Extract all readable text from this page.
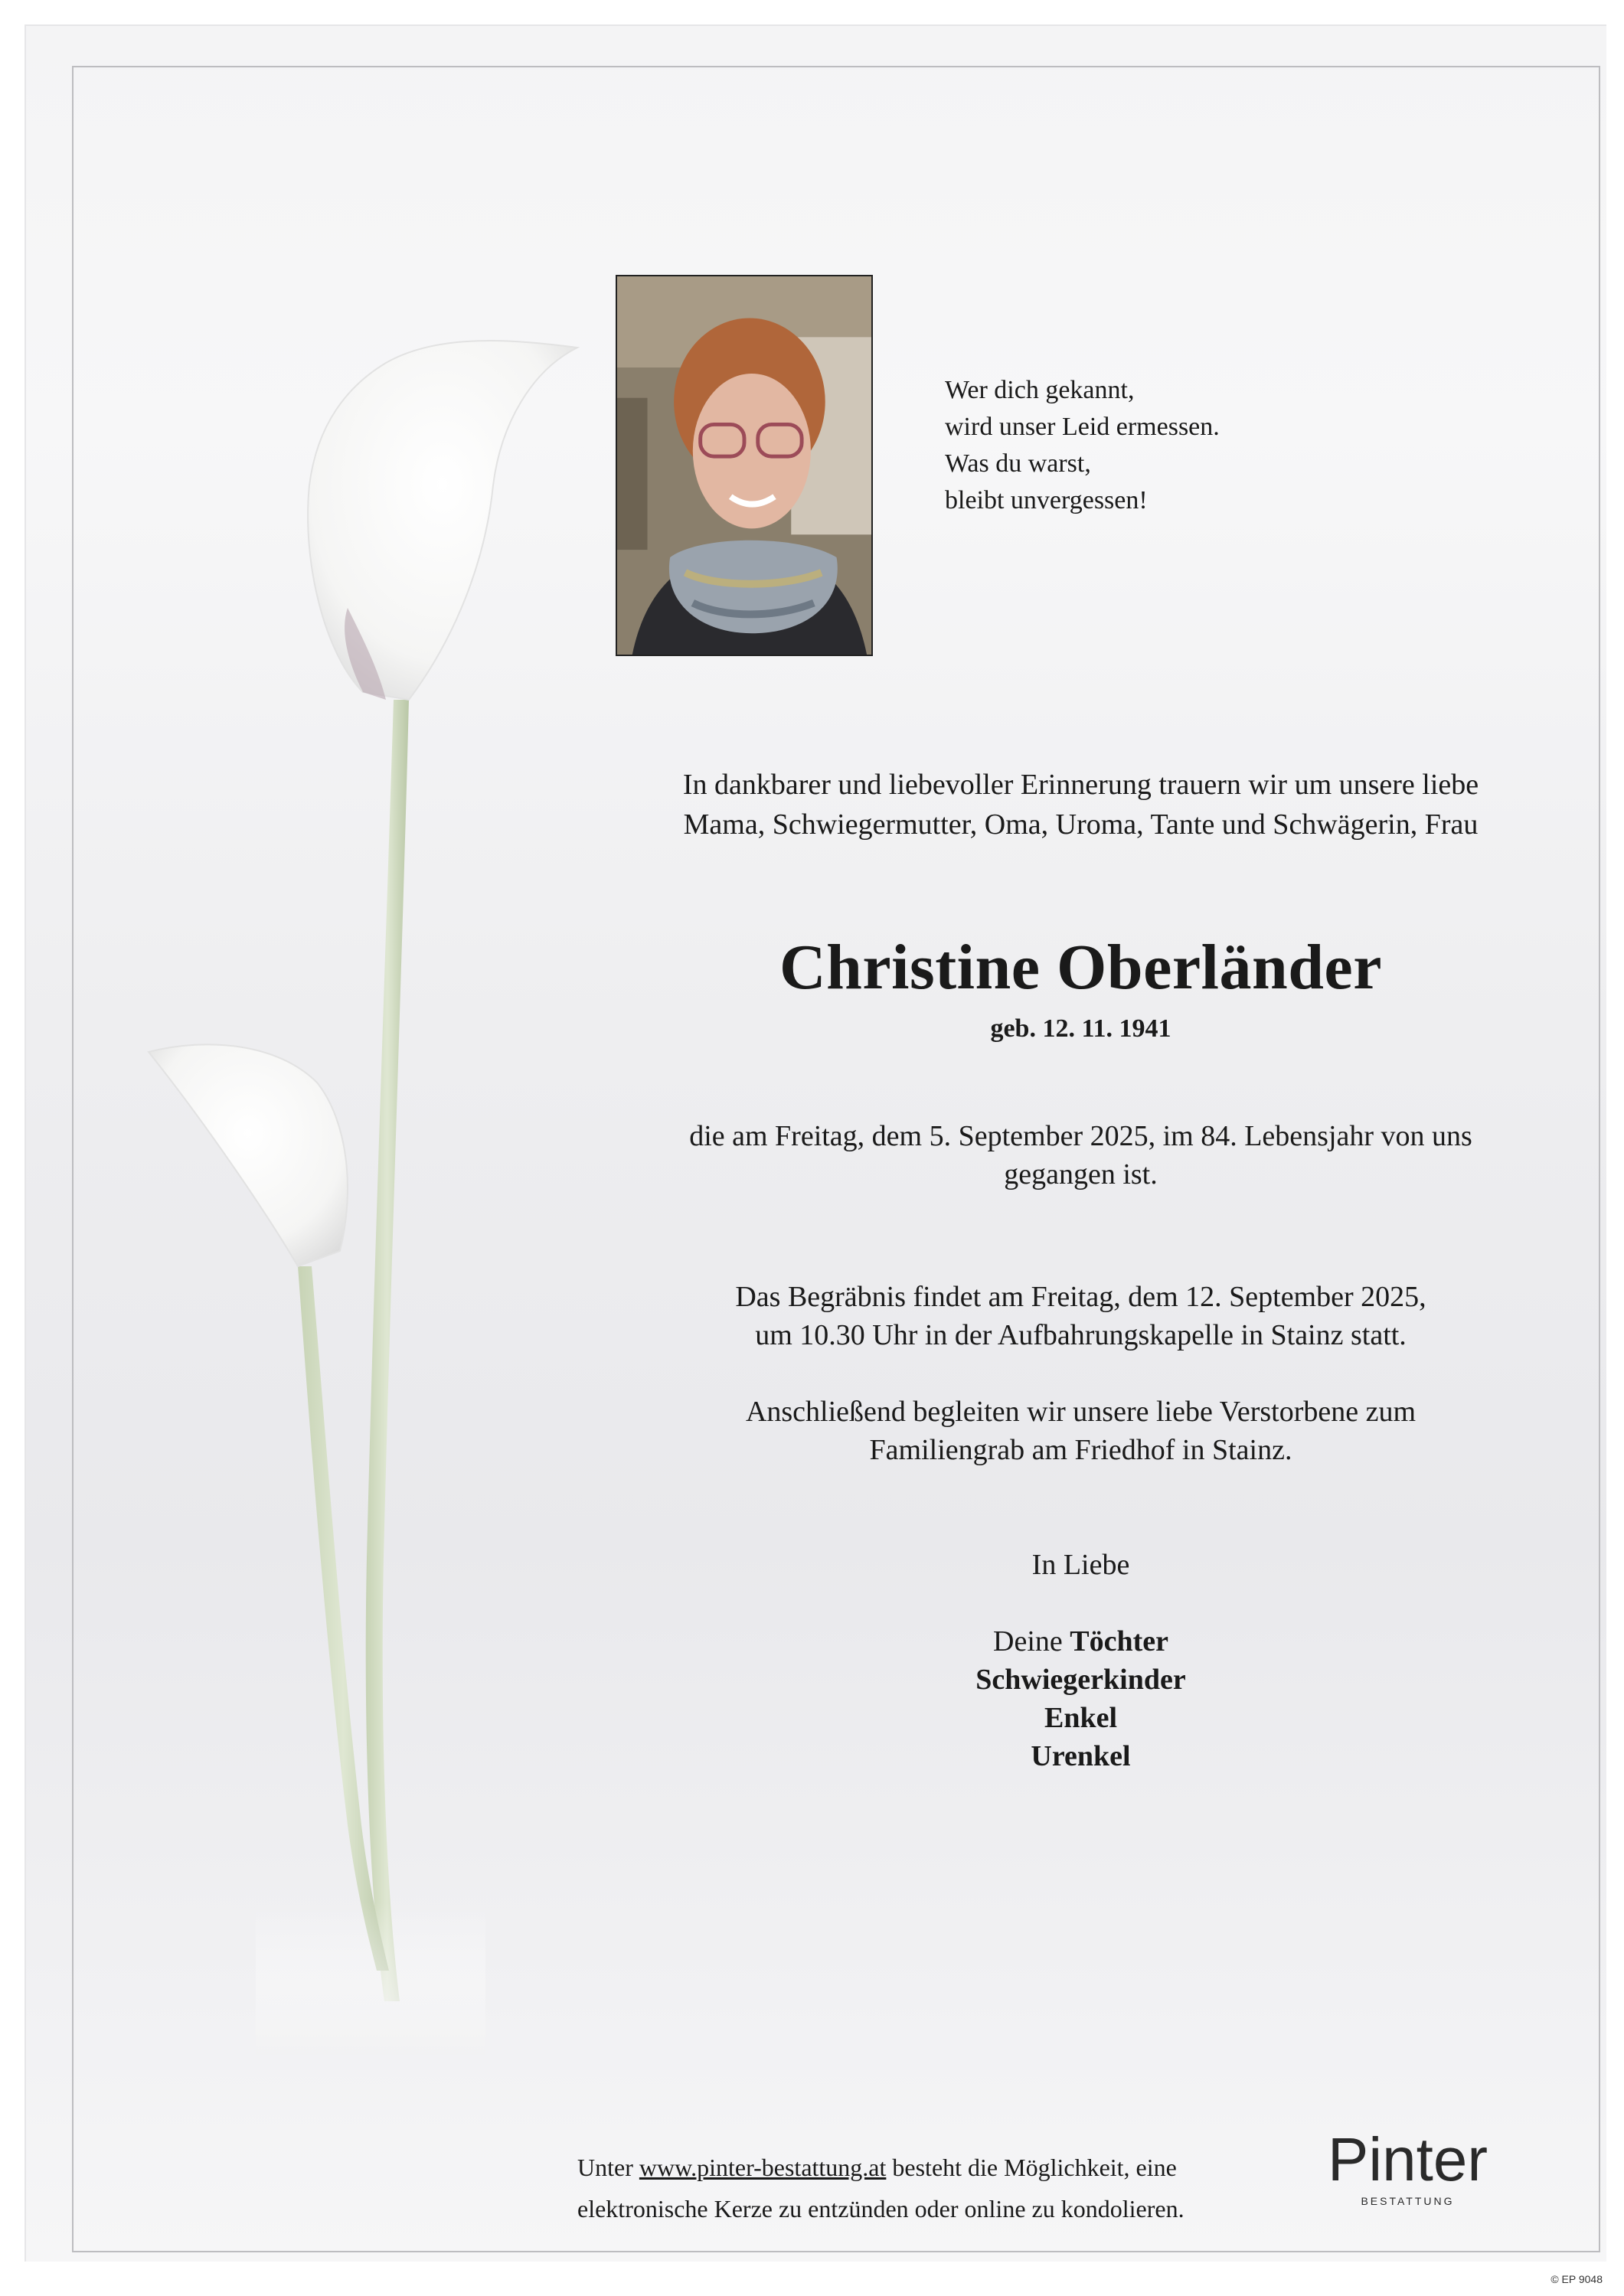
Wer dich gekannt,
wird unser Leid ermessen.
Was du warst,
bleibt unvergessen!
In dankbarer und liebevoller Erinnerung trauern wir um unsere liebe
Mama, Schwiegermutter, Oma, Uroma, Tante und Schwägerin, Frau
Christine Oberländer
geb. 12. 11. 1941
die am Freitag, dem 5. September 2025, im 84. Lebensjahr von uns
gegangen ist.
Das Begräbnis findet am Freitag, dem 12. September 2025,
um 10.30 Uhr in der Aufbahrungskapelle in Stainz statt.
Anschließend begleiten wir unsere liebe Verstorbene zum
Familiengrab am Friedhof in Stainz.
In Liebe
Deine Töchter
Schwiegerkinder
Enkel
Urenkel
Unter www.pinter-bestattung.at besteht die Möglichkeit, eine
elektronische Kerze zu entzünden oder online zu kondolieren.
Pinter
BESTATTUNG
© EP 9048
